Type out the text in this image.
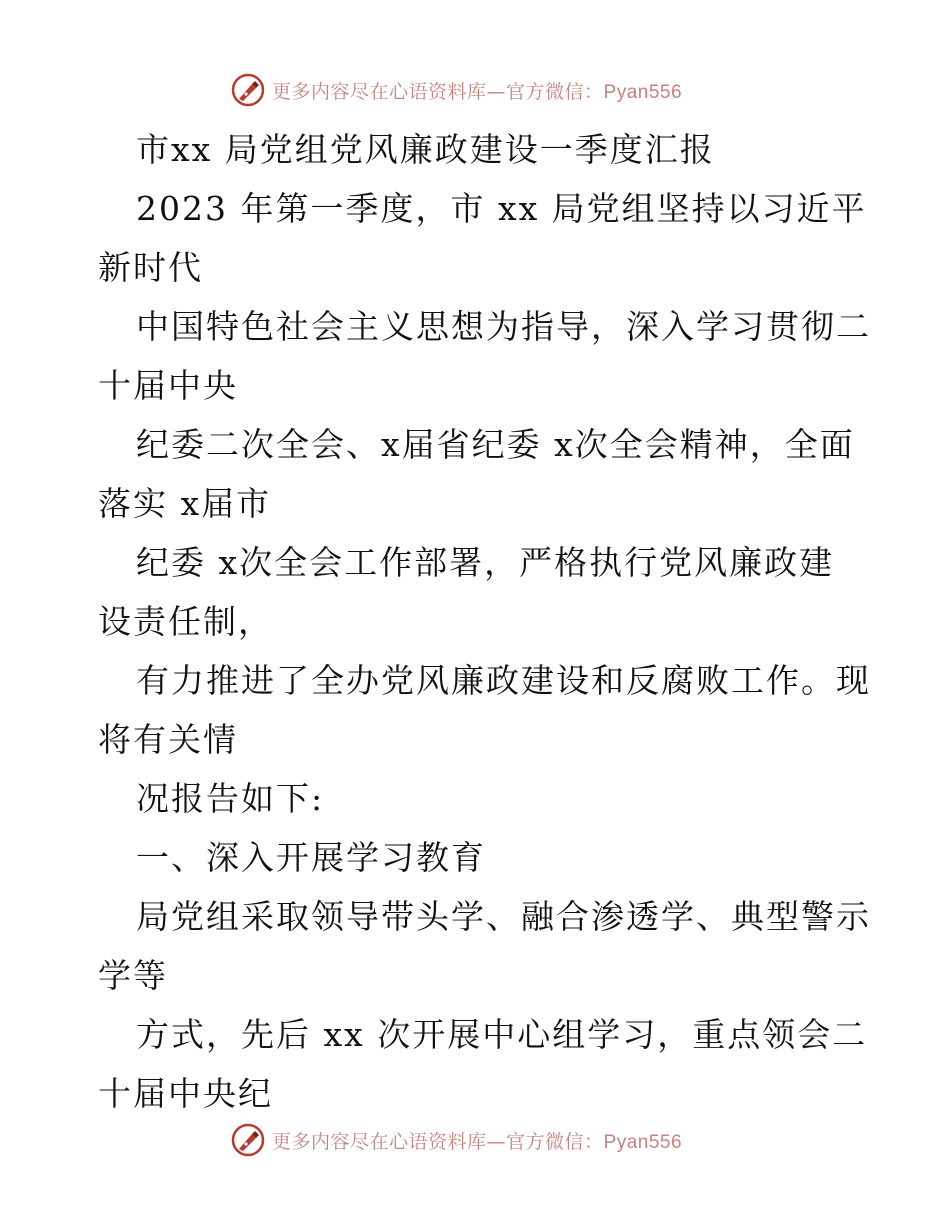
更多内容尽在心语资料库—官方微信：Pyan556
市xx 局党组党风廉政建设一季度汇报
2023 年第一季度，市 xx 局党组坚持以习近平
新时代
中国特色社会主义思想为指导，深入学习贯彻二
十届中央
纪委二次全会、x届省纪委 x次全会精神，全面
落实 x届市
纪委 x次全会工作部署，严格执行党风廉政建
设责任制，
有力推进了全办党风廉政建设和反腐败工作。现
将有关情
况报告如下:
一、深入开展学习教育
局党组采取领导带头学、融合渗透学、典型警示
学等
方式，先后 xx 次开展中心组学习，重点领会二
十届中央纪
更多内容尽在心语资料库—官方微信：Pyan556
